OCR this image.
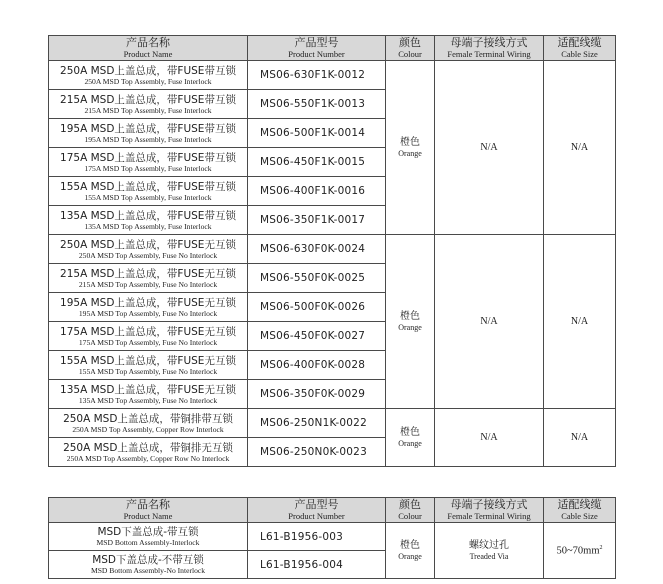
产品名称
Product Name	产品型号
Product Number	颜色
Colour	母端子接线方式
Female Terminal Wiring	适配线缆
Cable Size

250A MSD上盖总成，带FUSE带互锁
250A MSD Top Assembly, Fuse Interlock	MS06-630F1K-0012	橙色
Orange	N/A	N/A

215A MSD上盖总成，带FUSE带互锁
215A MSD Top Assembly, Fuse Interlock	MS06-550F1K-0013			

195A MSD上盖总成，带FUSE带互锁
195A MSD Top Assembly, Fuse Interlock	MS06-500F1K-0014			

175A MSD上盖总成，带FUSE带互锁
175A MSD Top Assembly, Fuse Interlock	MS06-450F1K-0015			

155A MSD上盖总成，带FUSE带互锁
155A MSD Top Assembly, Fuse Interlock	MS06-400F1K-0016			

135A MSD上盖总成，带FUSE带互锁
135A MSD Top Assembly, Fuse Interlock	MS06-350F1K-0017			

250A MSD上盖总成，带FUSE无互锁
250A MSD Top Assembly, Fuse No Interlock	MS06-630F0K-0024	橙色
Orange	N/A	N/A

215A MSD上盖总成，带FUSE无互锁
215A MSD Top Assembly, Fuse No Interlock	MS06-550F0K-0025			

195A MSD上盖总成，带FUSE无互锁
195A MSD Top Assembly, Fuse No Interlock	MS06-500F0K-0026			

175A MSD上盖总成，带FUSE无互锁
175A MSD Top Assembly, Fuse No Interlock	MS06-450F0K-0027			

155A MSD上盖总成，带FUSE无互锁
155A MSD Top Assembly, Fuse No Interlock	MS06-400F0K-0028			

135A MSD上盖总成，带FUSE无互锁
135A MSD Top Assembly, Fuse No Interlock	MS06-350F0K-0029			

250A MSD上盖总成，带铜排带互锁
250A MSD Top Assembly, Copper Row Interlock	MS06-250N1K-0022	橙色
Orange	N/A	N/A

250A MSD上盖总成，带铜排无互锁
250A MSD Top Assembly, Copper Row No Interlock	MS06-250N0K-0023			
产品名称
Product Name	产品型号
Product Number	颜色
Colour	母端子接线方式
Female Terminal Wiring	适配线缆
Cable Size

MSD下盖总成-带互锁
MSD Bottom Assembly-Interlock	L61-B1956-003	橙色
Orange	螺纹过孔
Treaded Via	$50\sim 70mm^2$

MSD下盖总成-不带互锁
MSD Bottom Assembly-No Interlock	L61-B1956-004			
